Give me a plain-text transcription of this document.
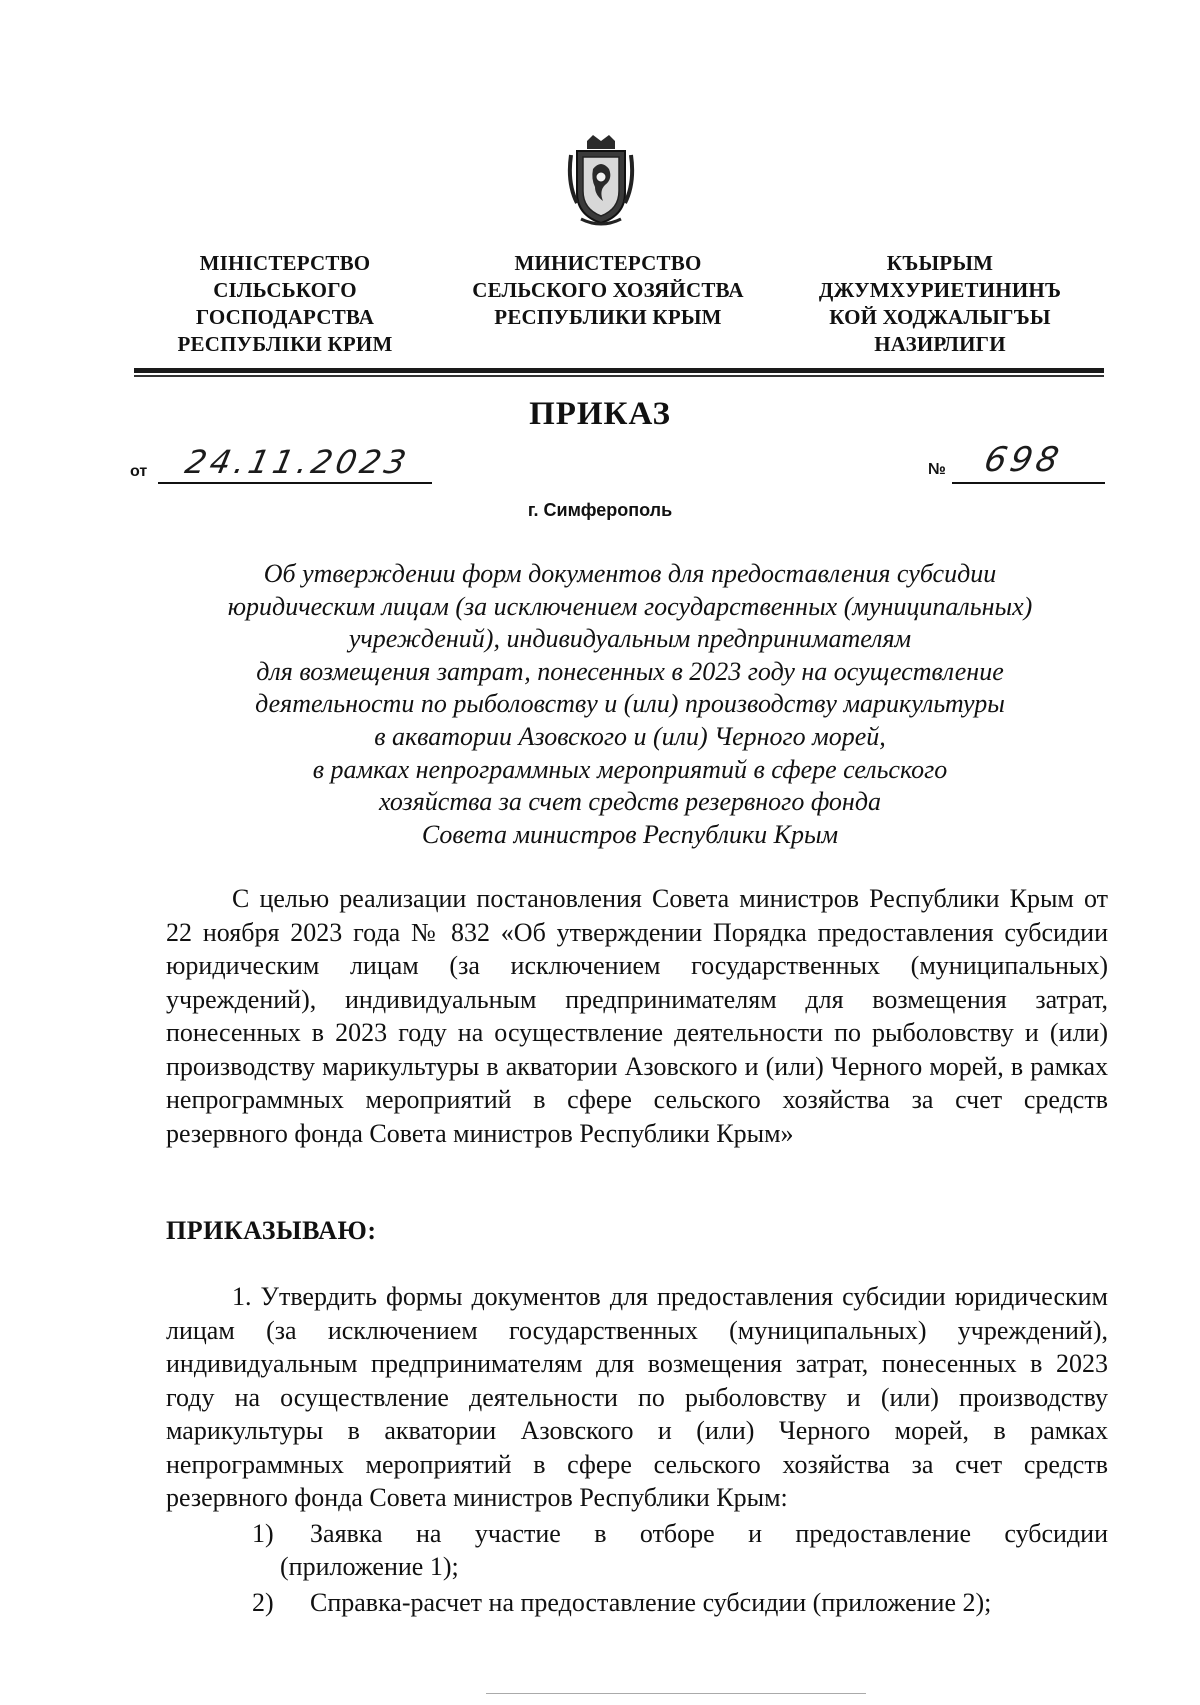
МІНІСТЕРСТВО
СІЛЬСЬКОГО
ГОСПОДАРСТВА
РЕСПУБЛІКИ КРИМ
МИНИСТЕРСТВО
СЕЛЬСКОГО ХОЗЯЙСТВА
РЕСПУБЛИКИ КРЫМ
КЪЫРЫМ
ДЖУМХУРИЕТИНИНЪ
КОЙ ХОДЖАЛЫГЪЫ
НАЗИРЛИГИ
ПРИКАЗ
от 24.11.2023	№ 698
г. Симферополь
Об утверждении форм документов для предоставления субсидии
юридическим лицам (за исключением государственных (муниципальных)
учреждений), индивидуальным предпринимателям
для возмещения затрат, понесенных в 2023 году на осуществление
деятельности по рыболовству и (или) производству марикультуры
в акватории Азовского и (или) Черного морей,
в рамках непрограммных мероприятий в сфере сельского
хозяйства за счет средств резервного фонда
Совета министров Республики Крым
С целью реализации постановления Совета министров Республики Крым от 22 ноября 2023 года № 832 «Об утверждении Порядка предоставления субсидии юридическим лицам (за исключением государственных (муниципальных) учреждений), индивидуальным предпринимателям для возмещения затрат, понесенных в 2023 году на осуществление деятельности по рыболовству и (или) производству марикультуры в акватории Азовского и (или) Черного морей, в рамках непрограммных мероприятий в сфере сельского хозяйства за счет средств резервного фонда Совета министров Республики Крым»
ПРИКАЗЫВАЮ:
1. Утвердить формы документов для предоставления субсидии юридическим лицам (за исключением государственных (муниципальных) учреждений), индивидуальным предпринимателям для возмещения затрат, понесенных в 2023 году на осуществление деятельности по рыболовству и (или) производству марикультуры в акватории Азовского и (или) Черного морей, в рамках непрограммных мероприятий в сфере сельского хозяйства за счет средств резервного фонда Совета министров Республики Крым:
1) Заявка на участие в отборе и предоставление субсидии
(приложение 1);
2) Справка-расчет на предоставление субсидии (приложение 2);
